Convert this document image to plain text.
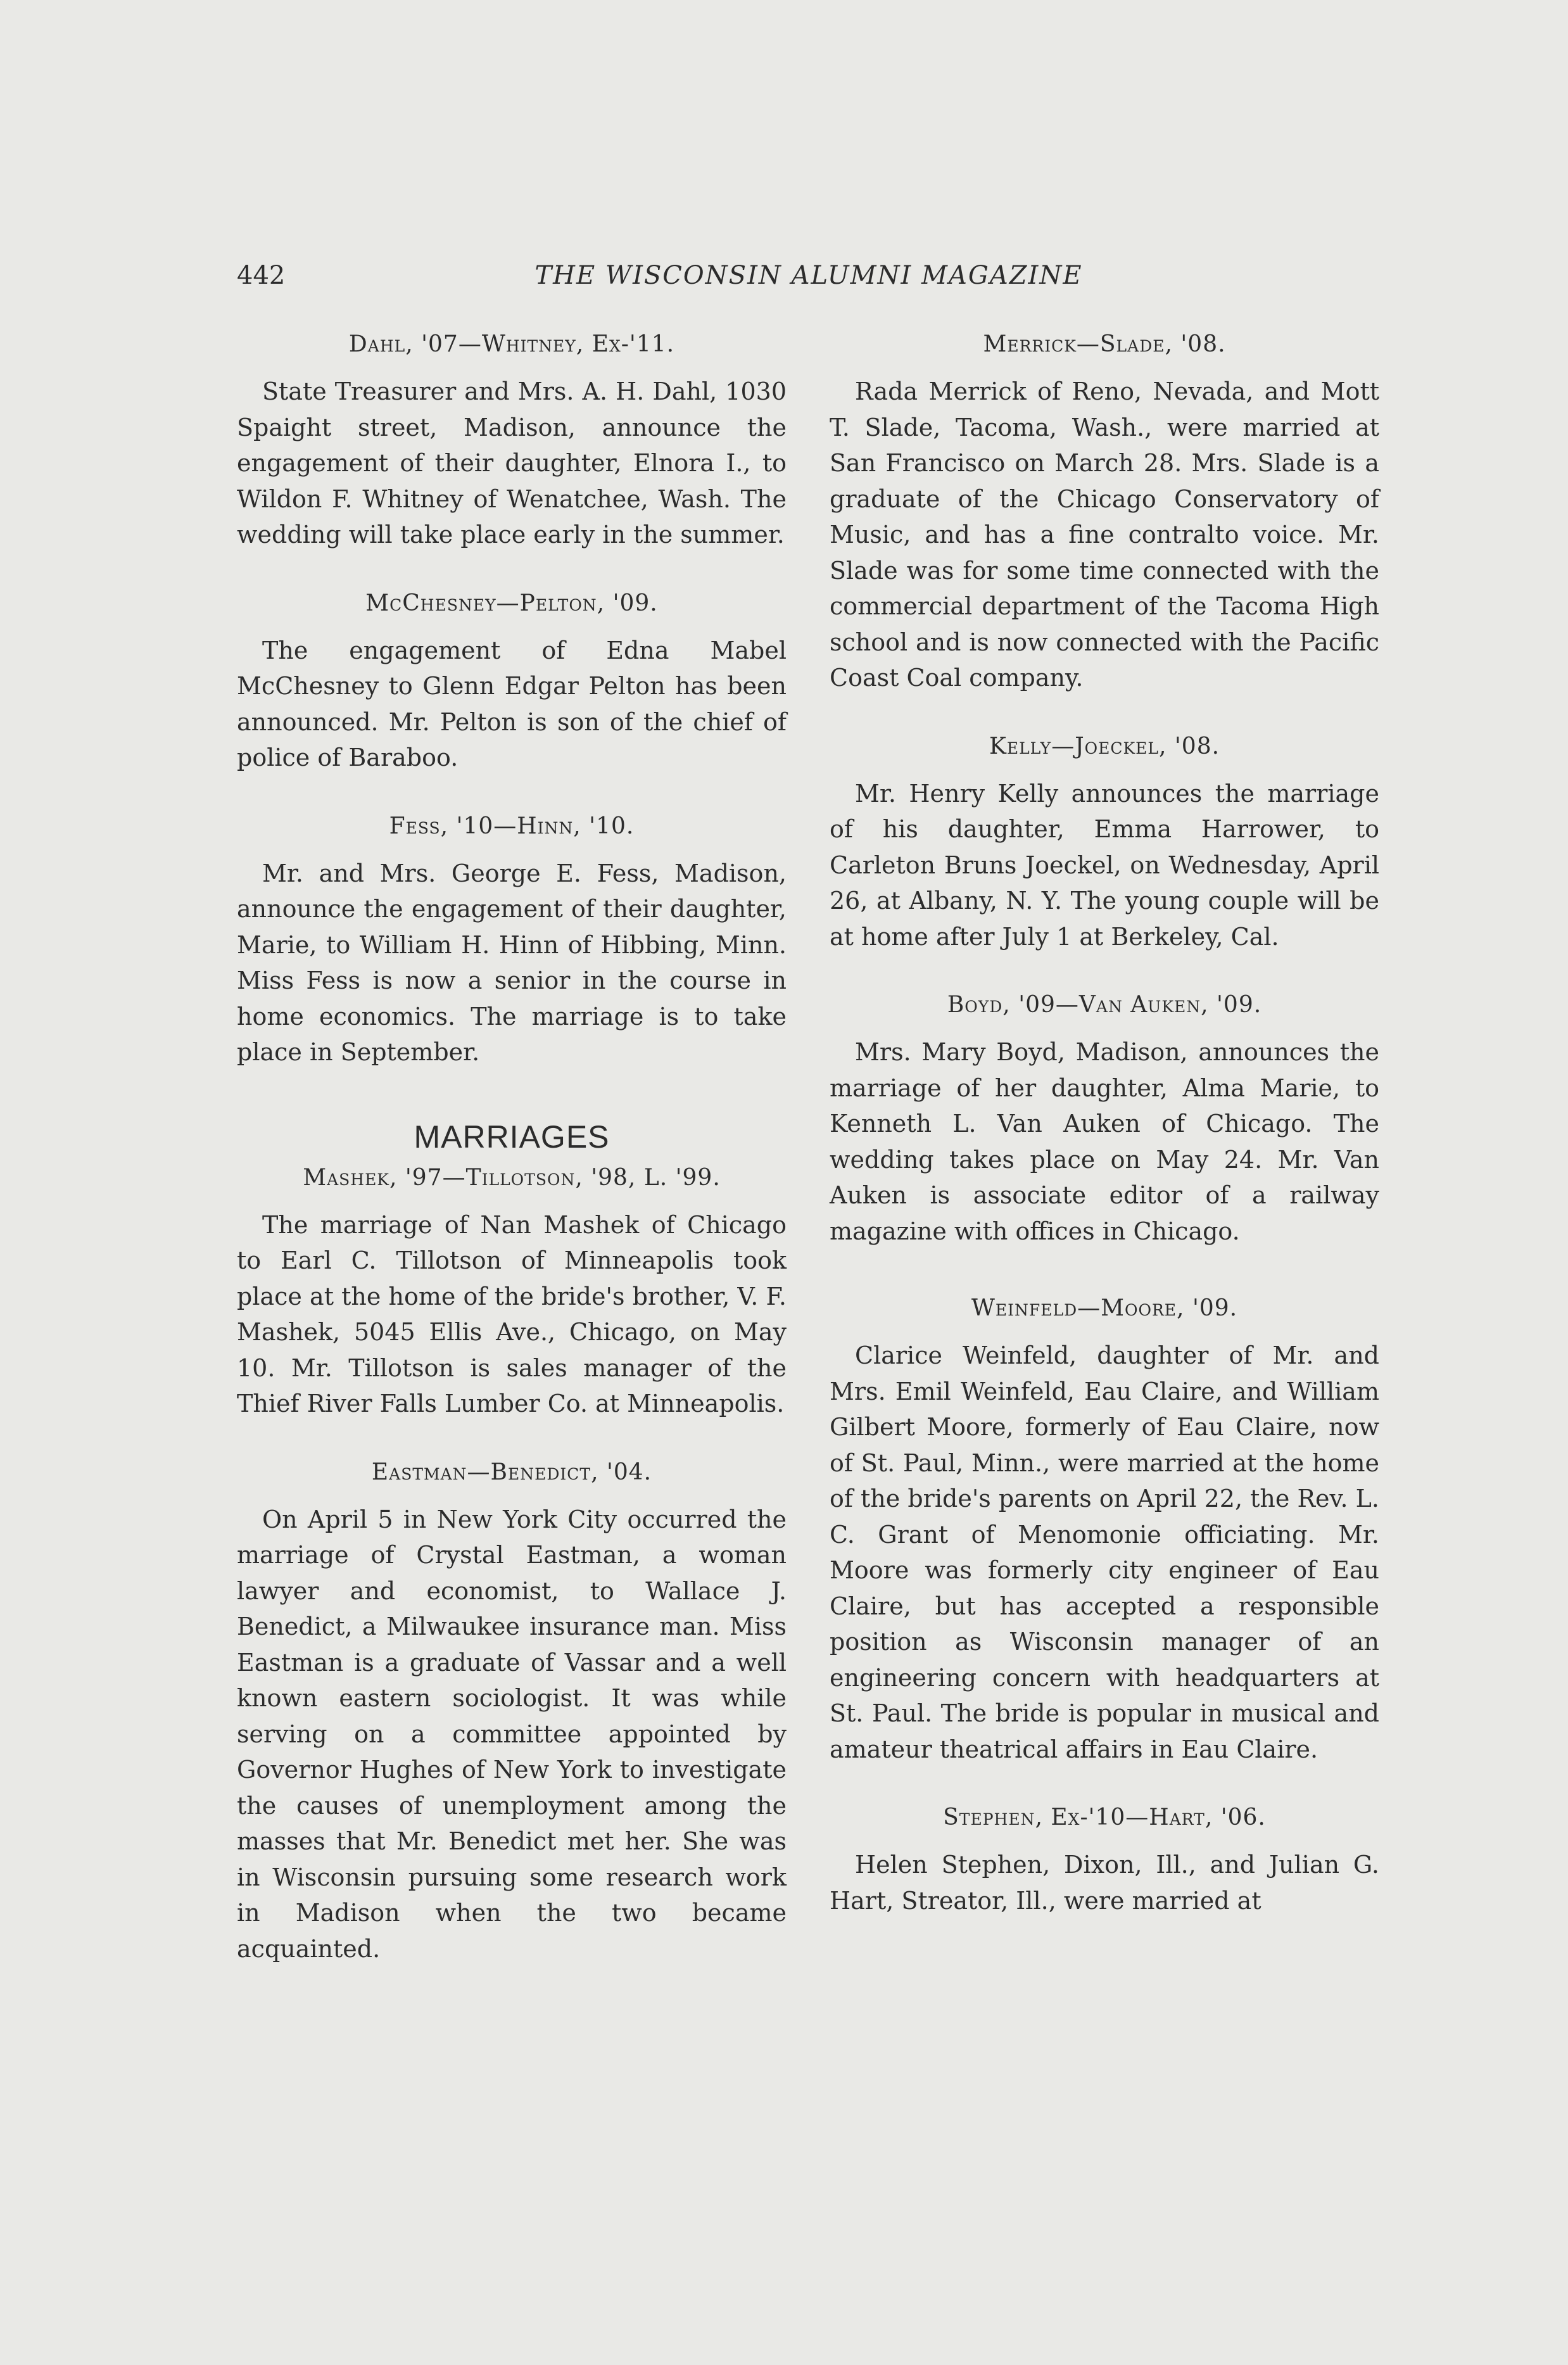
442	THE WISCONSIN ALUMNI MAGAZINE

Dahl, '07—Whitney, Ex-'11.

State Treasurer and Mrs. A. H. Dahl, 1030 Spaight street, Madison, announce the engagement of their daughter, Elnora I., to Wildon F. Whitney of Wenatchee, Wash. The wedding will take place early in the summer.

McChesney—Pelton, '09.

The engagement of Edna Mabel McChesney to Glenn Edgar Pelton has been announced. Mr. Pelton is son of the chief of police of Baraboo.

Fess, '10—Hinn, '10.

Mr. and Mrs. George E. Fess, Madison, announce the engagement of their daughter, Marie, to William H. Hinn of Hibbing, Minn. Miss Fess is now a senior in the course in home economics. The marriage is to take place in September.

MARRIAGES

Mashek, '97—Tillotson, '98, L. '99.

The marriage of Nan Mashek of Chicago to Earl C. Tillotson of Minneapolis took place at the home of the bride's brother, V. F. Mashek, 5045 Ellis Ave., Chicago, on May 10. Mr. Tillotson is sales manager of the Thief River Falls Lumber Co. at Minneapolis.

Eastman—Benedict, '04.

On April 5 in New York City occurred the marriage of Crystal Eastman, a woman lawyer and economist, to Wallace J. Benedict, a Milwaukee insurance man. Miss Eastman is a graduate of Vassar and a well known eastern sociologist. It was while serving on a committee appointed by Governor Hughes of New York to investigate the causes of unemployment among the masses that Mr. Benedict met her. She was in Wisconsin pursuing some research work in Madison when the two became acquainted.

Merrick—Slade, '08.

Rada Merrick of Reno, Nevada, and Mott T. Slade, Tacoma, Wash., were married at San Francisco on March 28. Mrs. Slade is a graduate of the Chicago Conservatory of Music, and has a fine contralto voice. Mr. Slade was for some time connected with the commercial department of the Tacoma High school and is now connected with the Pacific Coast Coal company.

Kelly—Joeckel, '08.

Mr. Henry Kelly announces the marriage of his daughter, Emma Harrower, to Carleton Bruns Joeckel, on Wednesday, April 26, at Albany, N. Y. The young couple will be at home after July 1 at Berkeley, Cal.

Boyd, '09—Van Auken, '09.

Mrs. Mary Boyd, Madison, announces the marriage of her daughter, Alma Marie, to Kenneth L. Van Auken of Chicago. The wedding takes place on May 24. Mr. Van Auken is associate editor of a railway magazine with offices in Chicago.

Weinfeld—Moore, '09.

Clarice Weinfeld, daughter of Mr. and Mrs. Emil Weinfeld, Eau Claire, and William Gilbert Moore, formerly of Eau Claire, now of St. Paul, Minn., were married at the home of the bride's parents on April 22, the Rev. L. C. Grant of Menomonie officiating. Mr. Moore was formerly city engineer of Eau Claire, but has accepted a responsible position as Wisconsin manager of an engineering concern with headquarters at St. Paul. The bride is popular in musical and amateur theatrical affairs in Eau Claire.

Stephen, Ex-'10—Hart, '06.

Helen Stephen, Dixon, Ill., and Julian G. Hart, Streator, Ill., were married at
